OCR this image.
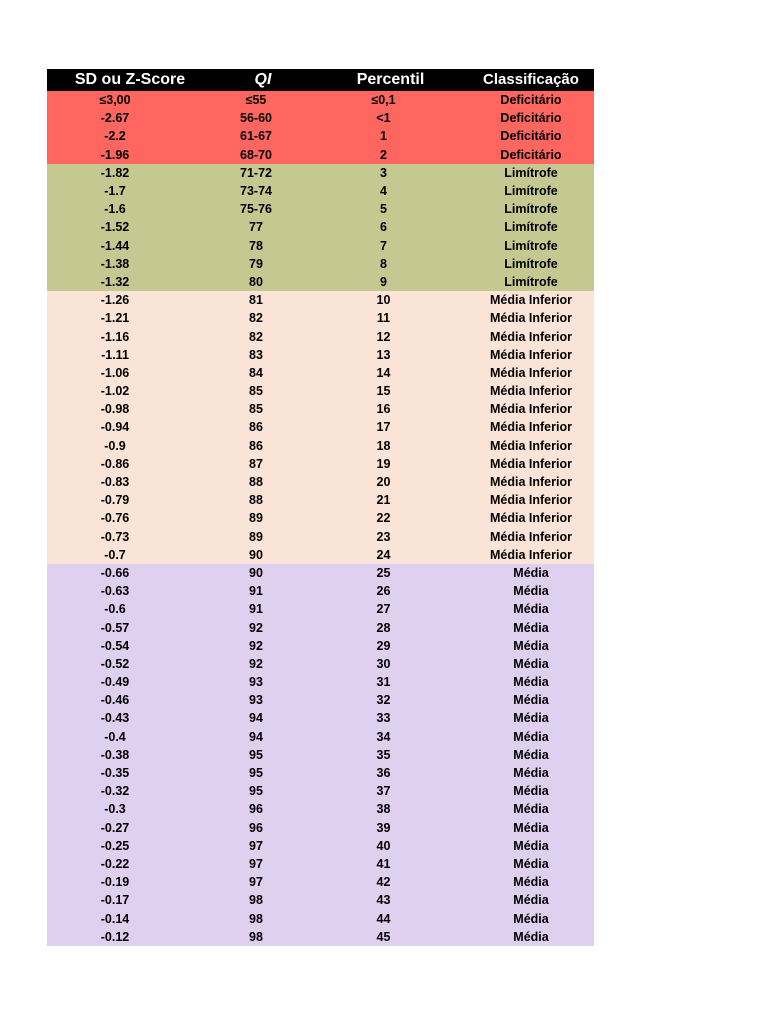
SD ou Z-Score	QI	Percentil	Classificação
≤3,00	≤55	≤0,1	Deficitário
-2.67	56-60	<1	Deficitário
-2.2	61-67	1	Deficitário
-1.96	68-70	2	Deficitário
-1.82	71-72	3	Limítrofe
-1.7	73-74	4	Limítrofe
-1.6	75-76	5	Limítrofe
-1.52	77	6	Limítrofe
-1.44	78	7	Limítrofe
-1.38	79	8	Limítrofe
-1.32	80	9	Limítrofe
-1.26	81	10	Média Inferior
-1.21	82	11	Média Inferior
-1.16	82	12	Média Inferior
-1.11	83	13	Média Inferior
-1.06	84	14	Média Inferior
-1.02	85	15	Média Inferior
-0.98	85	16	Média Inferior
-0.94	86	17	Média Inferior
-0.9	86	18	Média Inferior
-0.86	87	19	Média Inferior
-0.83	88	20	Média Inferior
-0.79	88	21	Média Inferior
-0.76	89	22	Média Inferior
-0.73	89	23	Média Inferior
-0.7	90	24	Média Inferior
-0.66	90	25	Média
-0.63	91	26	Média
-0.6	91	27	Média
-0.57	92	28	Média
-0.54	92	29	Média
-0.52	92	30	Média
-0.49	93	31	Média
-0.46	93	32	Média
-0.43	94	33	Média
-0.4	94	34	Média
-0.38	95	35	Média
-0.35	95	36	Média
-0.32	95	37	Média
-0.3	96	38	Média
-0.27	96	39	Média
-0.25	97	40	Média
-0.22	97	41	Média
-0.19	97	42	Média
-0.17	98	43	Média
-0.14	98	44	Média
-0.12	98	45	Média
